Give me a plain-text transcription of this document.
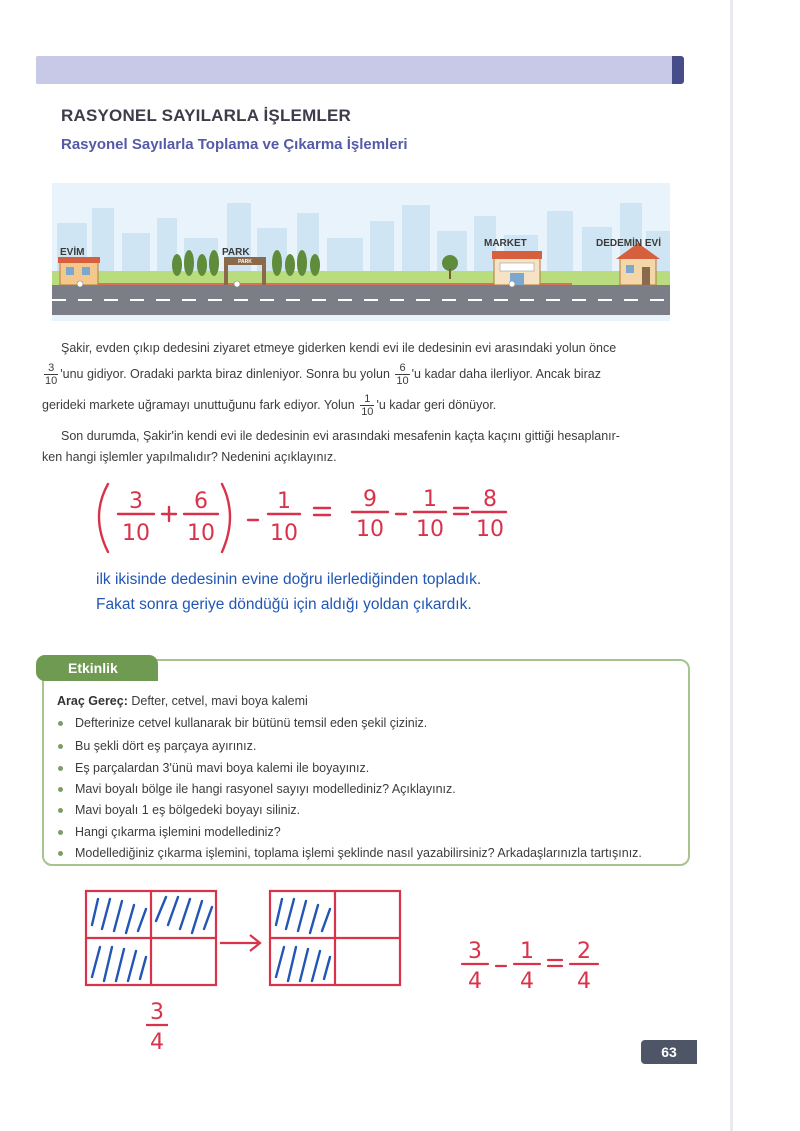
RASYONEL SAYILARLA İŞLEMLER
Rasyonel Sayılarla Toplama ve Çıkarma İşlemleri
PARK
EVİM	PARK
MARKET	DEDEMİN EVİ
Şakir, evden çıkıp dedesini ziyaret etmeye giderken kendi evi ile dedesinin evi arasındaki yolun önce
$\frac{3}{10}$ 'unu gidiyor. Oradaki parkta biraz dinleniyor. Sonra bu yolun $\frac{6}{10}$ 'u kadar daha ilerliyor. Ancak biraz
gerideki markete uğramayı unuttuğunu fark ediyor. Yolun $\frac{1}{10}$ 'u kadar geri dönüyor.
Son durumda, Şakir'in kendi evi ile dedesinin evi arasındaki mesafenin kaçta kaçını gittiği hesaplanır-
ken hangi işlemler yapılmalıdır? Nedenini açıklayınız.
3
10
6
10
1
10
9
10
1
10
8
10
ilk ikisinde dedesinin evine doğru ilerlediğinden topladık.
Fakat sonra geriye döndüğü için aldığı yoldan çıkardık.
Etkinlik
Araç Gereç: Defter, cetvel, mavi boya kalemi
Defterinize cetvel kullanarak bir bütünü temsil eden şekil çiziniz.
Bu şekli dört eş parçaya ayırınız.
Eş parçalardan 3'ünü mavi boya kalemi ile boyayınız.
Mavi boyalı bölge ile hangi rasyonel sayıyı modellediniz? Açıklayınız.
Mavi boyalı 1 eş bölgedeki boyayı siliniz.
Hangi çıkarma işlemini modellediniz?
Modellediğiniz çıkarma işlemini, toplama işlemi şeklinde nasıl yazabilirsiniz? Arkadaşlarınızla tartışınız.
3
4
3
4
1
4
2
4
63
